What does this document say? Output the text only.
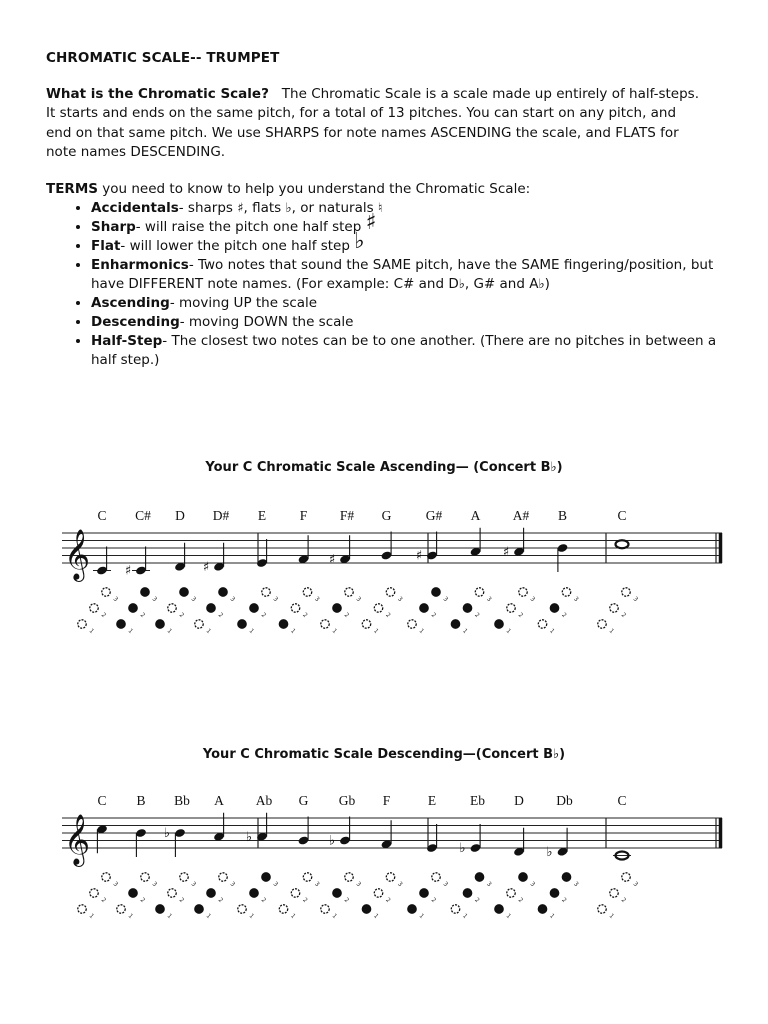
CHROMATIC SCALE-- TRUMPET
What is the Chromatic Scale? The Chromatic Scale is a scale made up entirely of half-steps.
It starts and ends on the same pitch, for a total of 13 pitches. You can start on any pitch, and
end on that same pitch. We use SHARPS for note names ASCENDING the scale, and FLATS for
note names DESCENDING.
TERMS you need to know to help you understand the Chromatic Scale:
• Accidentals- sharps ♯, flats ♭, or naturals ♮
• Sharp- will raise the pitch one half step ♯
• Flat- will lower the pitch one half step ♭
• Enharmonics- Two notes that sound the SAME pitch, have the SAME fingering/position, but have DIFFERENT note names. (For example: C# and D♭, G# and A♭)
• Ascending- moving UP the scale
• Descending- moving DOWN the scale
• Half-Step- The closest two notes can be to one another. (There are no pitches in between a half step.)
Your C Chromatic Scale Ascending— (Concert B♭)
𝄞
C
1
2
3
C#
♯
1
2
3
D
1
2
3
D#
♯
1
2
3
E
1
2
3
F
1
2
3
F#
♯
1
2
3
G
1
2
3
G#
♯
1
2
3
A
1
2
3
A#
♯
1
2
3
B
1
2
3
C
1
2
3
Your C Chromatic Scale Descending—(Concert B♭)
𝄞
C
1
2
3
B
1
2
3
Bb
♭
1
2
3
A
1
2
3
Ab
♭
1
2
3
G
1
2
3
Gb
♭
1
2
3
F
1
2
3
E
1
2
3
Eb
♭
1
2
3
D
1
2
3
Db
♭
1
2
3
C
1
2
3
